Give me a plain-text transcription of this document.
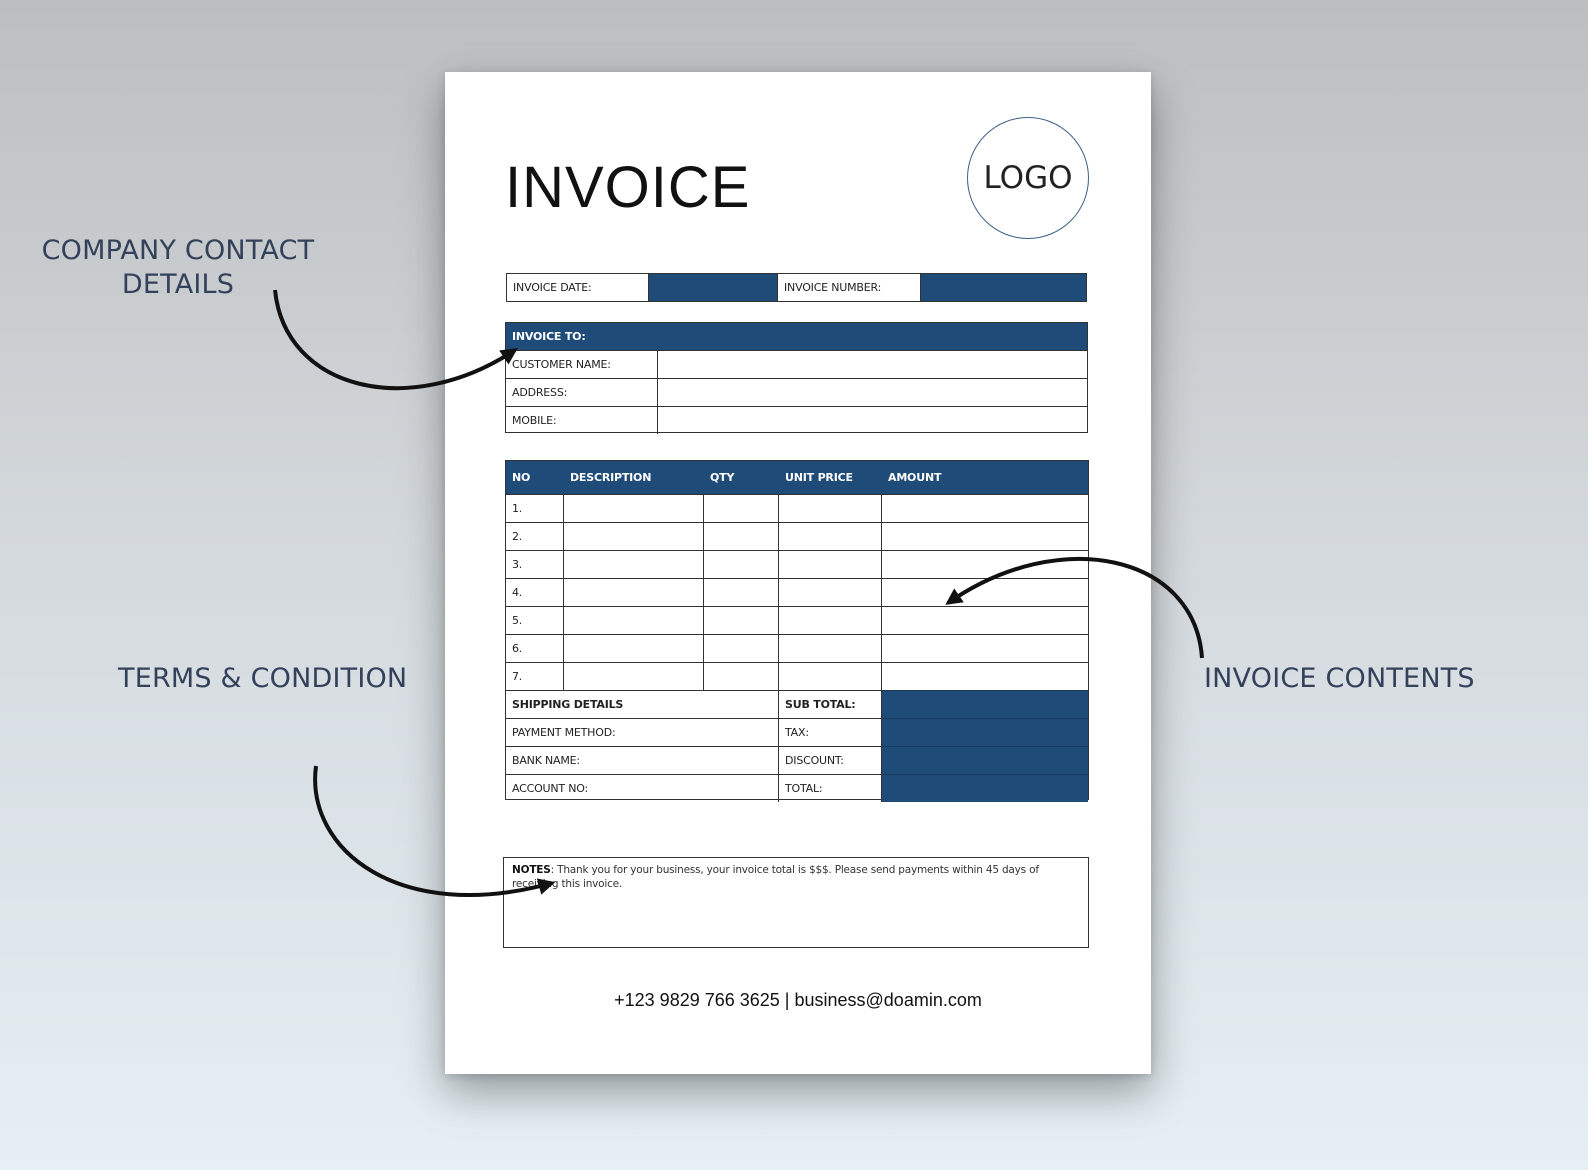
COMPANY CONTACT
DETAILS
TERMS & CONDITION	INVOICE CONTENTS
INVOICE	LOGO
INVOICE DATE:	INVOICE NUMBER:
INVOICE TO:
CUSTOMER NAME:
ADDRESS:
MOBILE:
NO	DESCRIPTION	QTY	UNIT PRICE	AMOUNT
1.
2.
3.
4.
5.
6.
7.
SHIPPING DETAILS	SUB TOTAL:
PAYMENT METHOD:	TAX:
BANK NAME:	DISCOUNT:
ACCOUNT NO:	TOTAL:
NOTES: Thank you for your business, your invoice total is $$$. Please send payments within 45 days of receiving this invoice.
+123 9829 766 3625 | business@doamin.com
